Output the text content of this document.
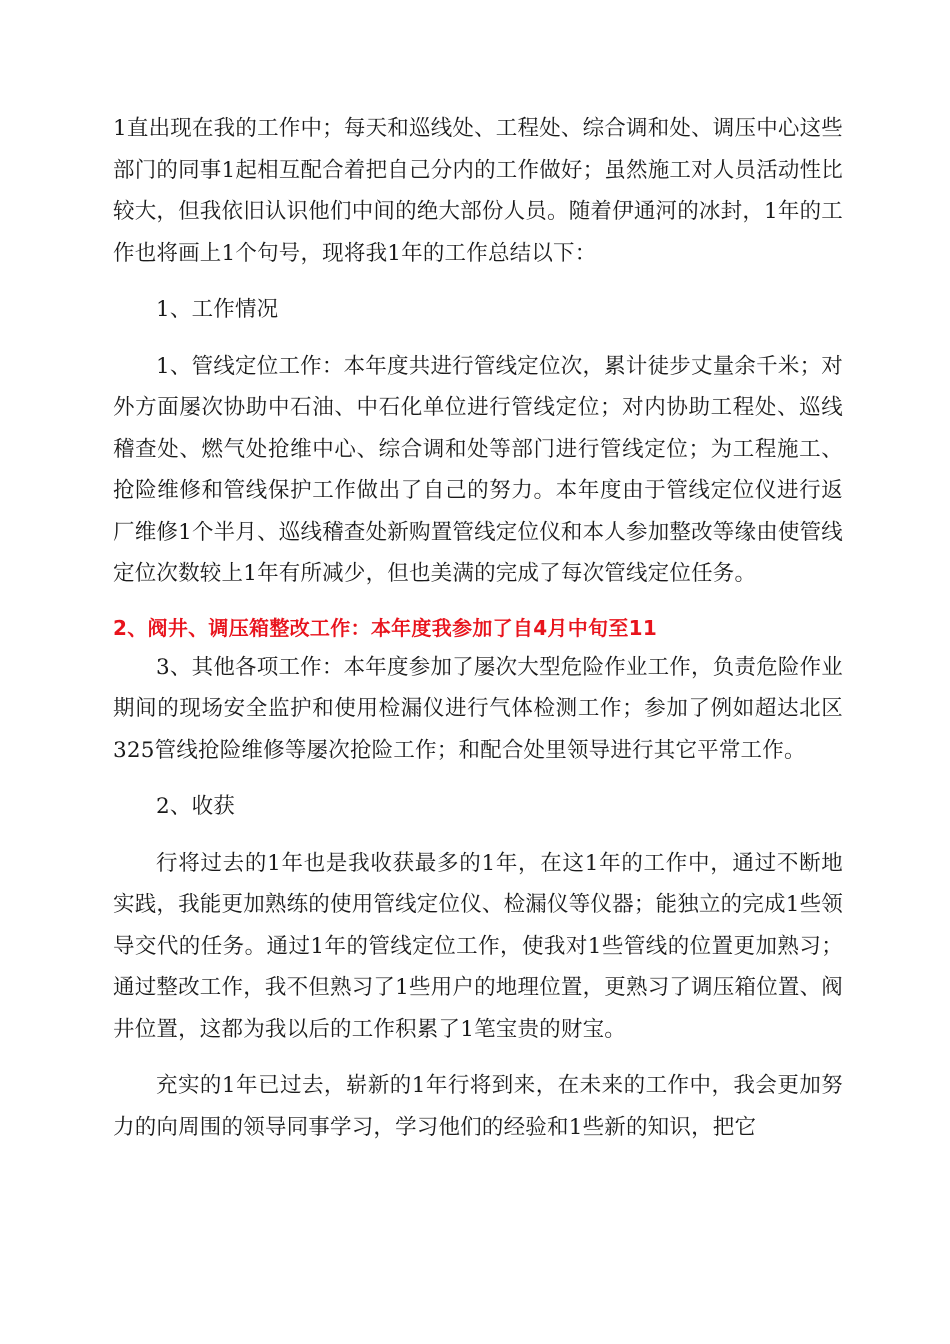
1直出现在我的工作中；每天和巡线处、工程处、综合调和处、调压中心这些部门的同事1起相互配合着把自己分内的工作做好；虽然施工对人员活动性比较大，但我依旧认识他们中间的绝大部份人员。随着伊通河的冰封，1年的工作也将画上1个句号，现将我1年的工作总结以下：

1、工作情况

1、管线定位工作：本年度共进行管线定位次，累计徒步丈量余千米；对外方面屡次协助中石油、中石化单位进行管线定位；对内协助工程处、巡线稽查处、燃气处抢维中心、综合调和处等部门进行管线定位；为工程施工、抢险维修和管线保护工作做出了自己的努力。本年度由于管线定位仪进行返厂维修1个半月、巡线稽查处新购置管线定位仪和本人参加整改等缘由使管线定位次数较上1年有所减少，但也美满的完成了每次管线定位任务。

2、阀井、调压箱整改工作：本年度我参加了自4月中旬至11

3、其他各项工作：本年度参加了屡次大型危险作业工作，负责危险作业期间的现场安全监护和使用检漏仪进行气体检测工作；参加了例如超达北区325管线抢险维修等屡次抢险工作；和配合处里领导进行其它平常工作。

2、收获

行将过去的1年也是我收获最多的1年，在这1年的工作中，通过不断地实践，我能更加熟练的使用管线定位仪、检漏仪等仪器；能独立的完成1些领导交代的任务。通过1年的管线定位工作，使我对1些管线的位置更加熟习；通过整改工作，我不但熟习了1些用户的地理位置，更熟习了调压箱位置、阀井位置，这都为我以后的工作积累了1笔宝贵的财宝。

充实的1年已过去，崭新的1年行将到来，在未来的工作中，我会更加努力的向周围的领导同事学习，学习他们的经验和1些新的知识，把它
